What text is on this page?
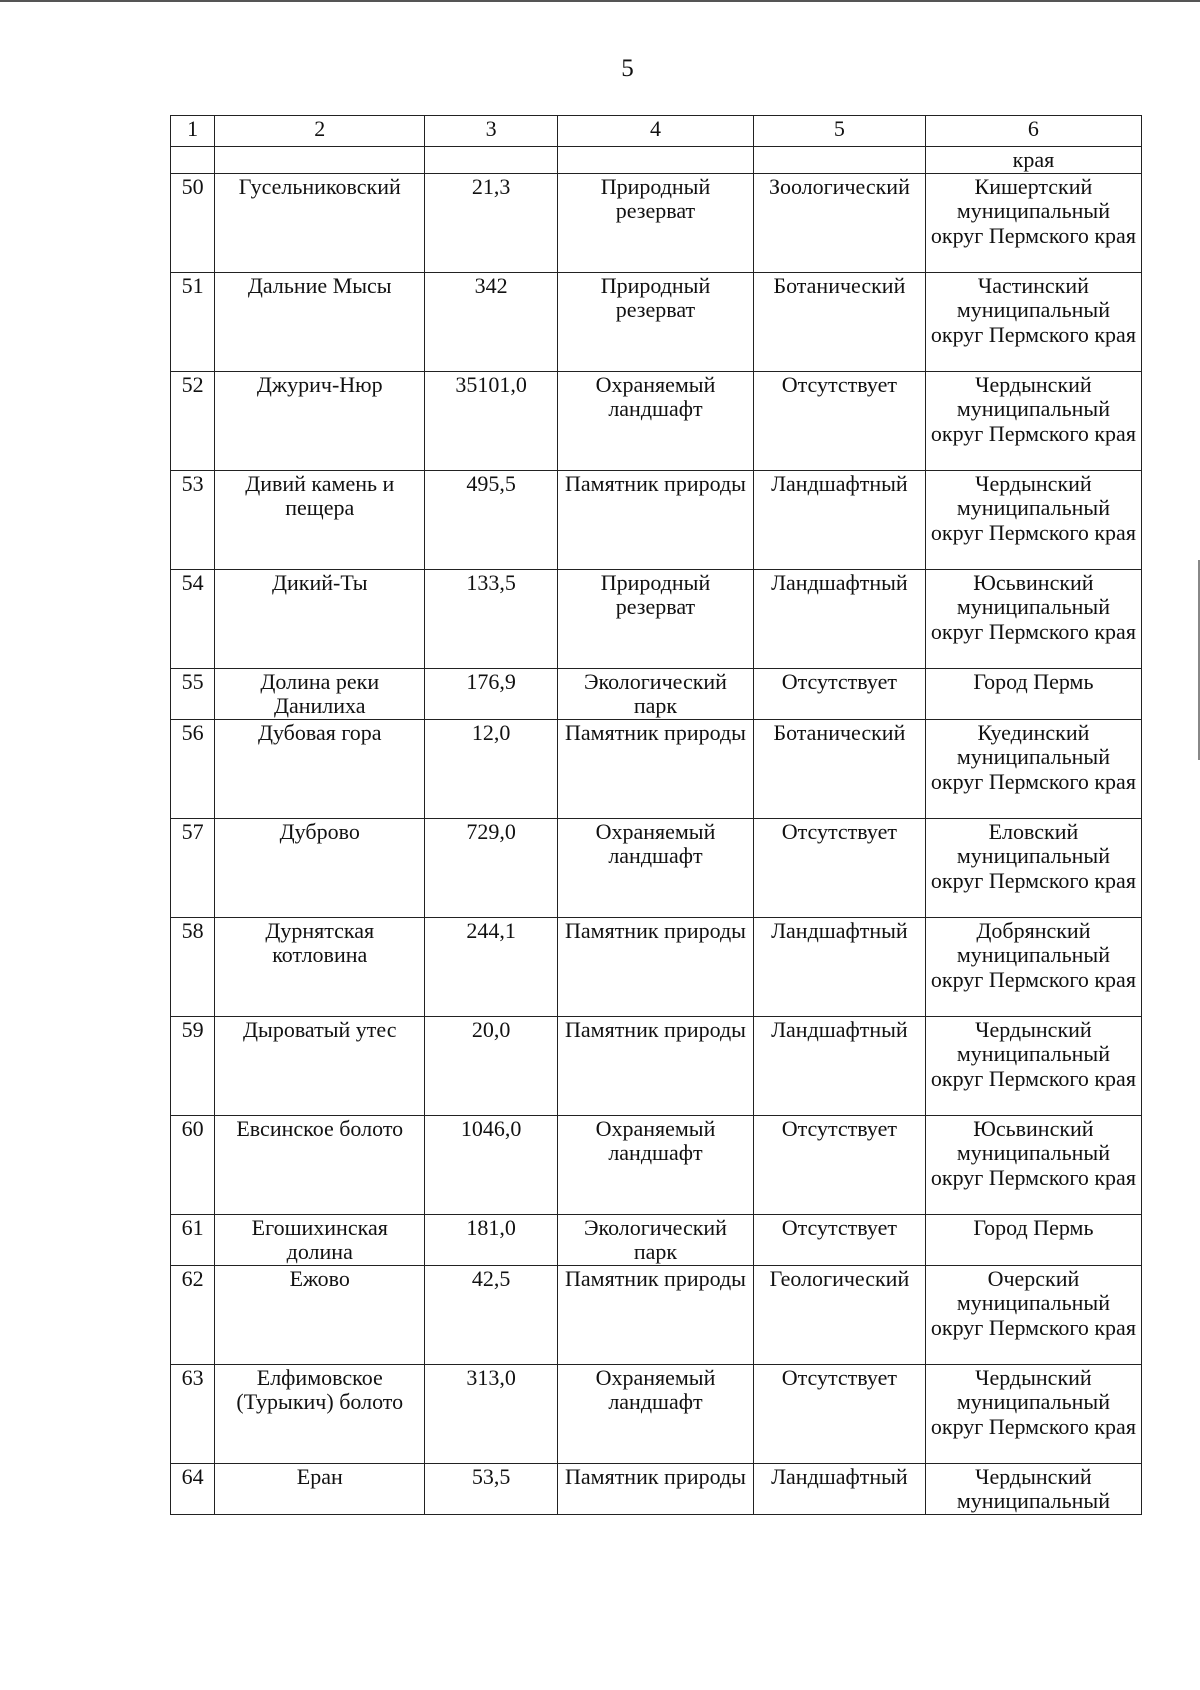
5
1	2	3	4	5	6
					края
50	Гусельниковский	21,3	Природный резерват	Зоологический	Кишертский муниципальный округ Пермского края
51	Дальние Мысы	342	Природный резерват	Ботанический	Частинский муниципальный округ Пермского края
52	Джурич-Нюр	35101,0	Охраняемый ландшафт	Отсутствует	Чердынский муниципальный округ Пермского края
53	Дивий камень и пещера	495,5	Памятник природы	Ландшафтный	Чердынский муниципальный округ Пермского края
54	Дикий-Ты	133,5	Природный резерват	Ландшафтный	Юсьвинский муниципальный округ Пермского края
55	Долина реки Данилиха	176,9	Экологический парк	Отсутствует	Город Пермь
56	Дубовая гора	12,0	Памятник природы	Ботанический	Куединский муниципальный округ Пермского края
57	Дуброво	729,0	Охраняемый ландшафт	Отсутствует	Еловский муниципальный округ Пермского края
58	Дурнятская котловина	244,1	Памятник природы	Ландшафтный	Добрянский муниципальный округ Пермского края
59	Дыроватый утес	20,0	Памятник природы	Ландшафтный	Чердынский муниципальный округ Пермского края
60	Евсинское болото	1046,0	Охраняемый ландшафт	Отсутствует	Юсьвинский муниципальный округ Пермского края
61	Егошихинская долина	181,0	Экологический парк	Отсутствует	Город Пермь
62	Ежово	42,5	Памятник природы	Геологический	Очерский муниципальный округ Пермского края
63	Елфимовское (Турыкич) болото	313,0	Охраняемый ландшафт	Отсутствует	Чердынский муниципальный округ Пермского края
64	Еран	53,5	Памятник природы	Ландшафтный	Чердынский муниципальный
